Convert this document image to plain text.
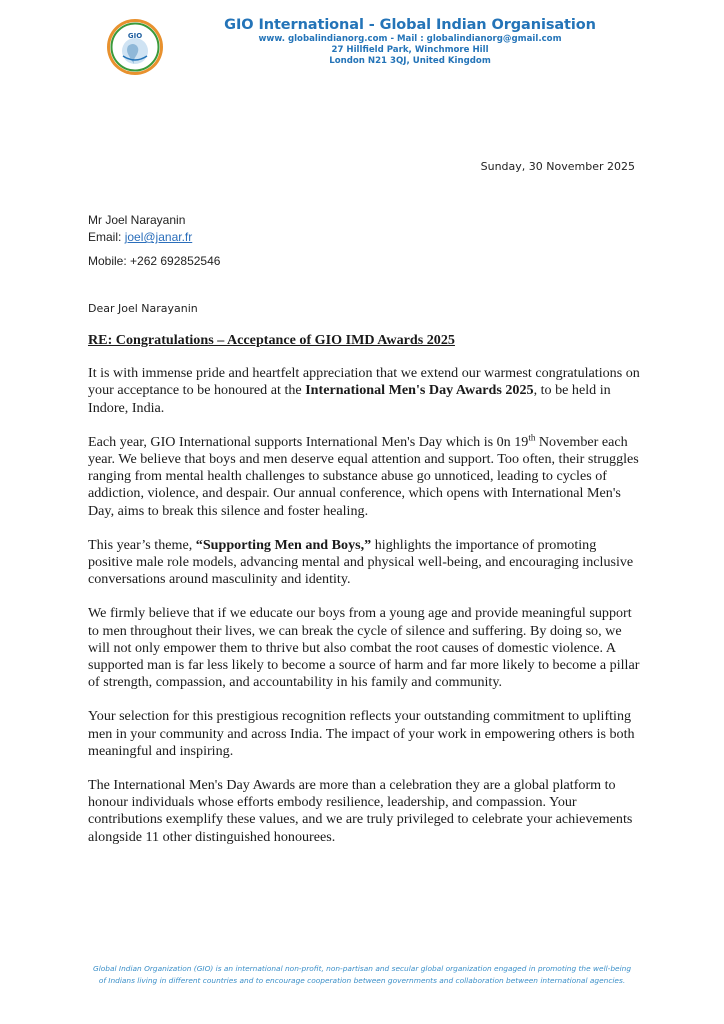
GIO
GIO International - Global Indian Organisation
www. globalindianorg.com - Mail : globalindianorg@gmail.com
27 Hillfield Park, Winchmore Hill
London N21 3QJ, United Kingdom
Sunday, 30 November 2025
Mr Joel Narayanin
Email: joel@janar.fr
Mobile: +262 692852546
Dear Joel Narayanin
RE: Congratulations – Acceptance of GIO IMD Awards 2025

It is with immense pride and heartfelt appreciation that we extend our warmest congratulations on your acceptance to be honoured at the International Men's Day Awards 2025, to be held in Indore, India.

Each year, GIO International supports International Men's Day which is 0n 19th November each year. We believe that boys and men deserve equal attention and support. Too often, their struggles ranging from mental health challenges to substance abuse go unnoticed, leading to cycles of addiction, violence, and despair. Our annual conference, which opens with International Men's Day, aims to break this silence and foster healing.

This year’s theme, “Supporting Men and Boys,” highlights the importance of promoting positive male role models, advancing mental and physical well-being, and encouraging inclusive conversations around masculinity and identity.

We firmly believe that if we educate our boys from a young age and provide meaningful support to men throughout their lives, we can break the cycle of silence and suffering. By doing so, we will not only empower them to thrive but also combat the root causes of domestic violence. A supported man is far less likely to become a source of harm and far more likely to become a pillar of strength, compassion, and accountability in his family and community.

Your selection for this prestigious recognition reflects your outstanding commitment to uplifting men in your community and across India. The impact of your work in empowering others is both meaningful and inspiring.

The International Men's Day Awards are more than a celebration they are a global platform to honour individuals whose efforts embody resilience, leadership, and compassion. Your contributions exemplify these values, and we are truly privileged to celebrate your achievements alongside 11 other distinguished honourees.

Global Indian Organization (GIO) is an international non-profit, non-partisan and secular global organization engaged in promoting the well-being of Indians living in different countries and to encourage cooperation between governments and collaboration between international agencies.
